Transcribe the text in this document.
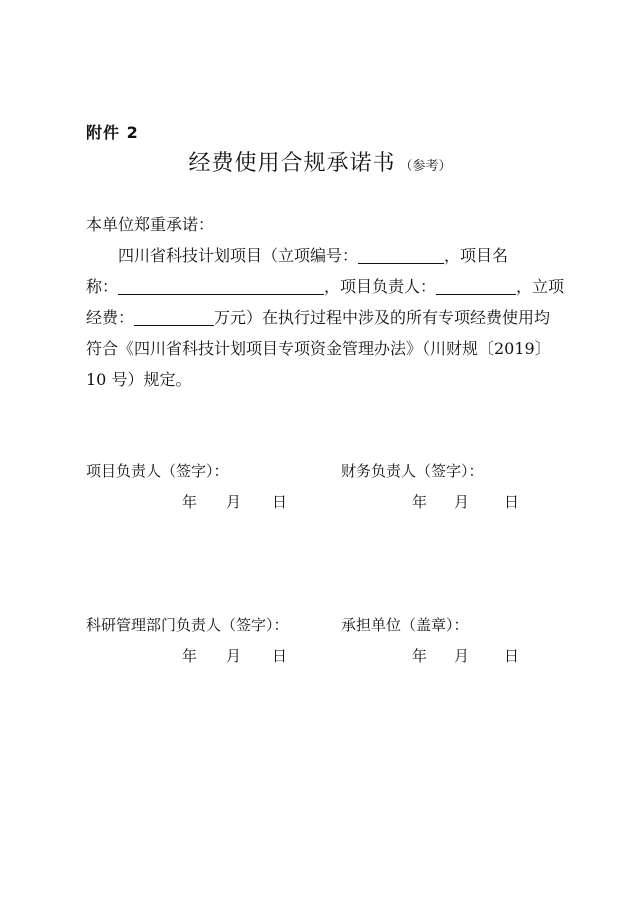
附件 2
经费使用合规承诺书 （参考）
本单位郑重承诺：
四川省科技计划项目（立项编号：	，项目名
称：	，项目负责人：	，立项
经费：	万元）在执行过程中涉及的所有专项经费使用均
符合《四川省科技计划项目专项资金管理办法》（川财规〔2019〕
10 号）规定。
项目负责人（签字）：
年 月 日
财务负责人（签字）：
年 月 日
科研管理部门负责人（签字）：
年 月 日
承担单位（盖章）：
年 月 日
